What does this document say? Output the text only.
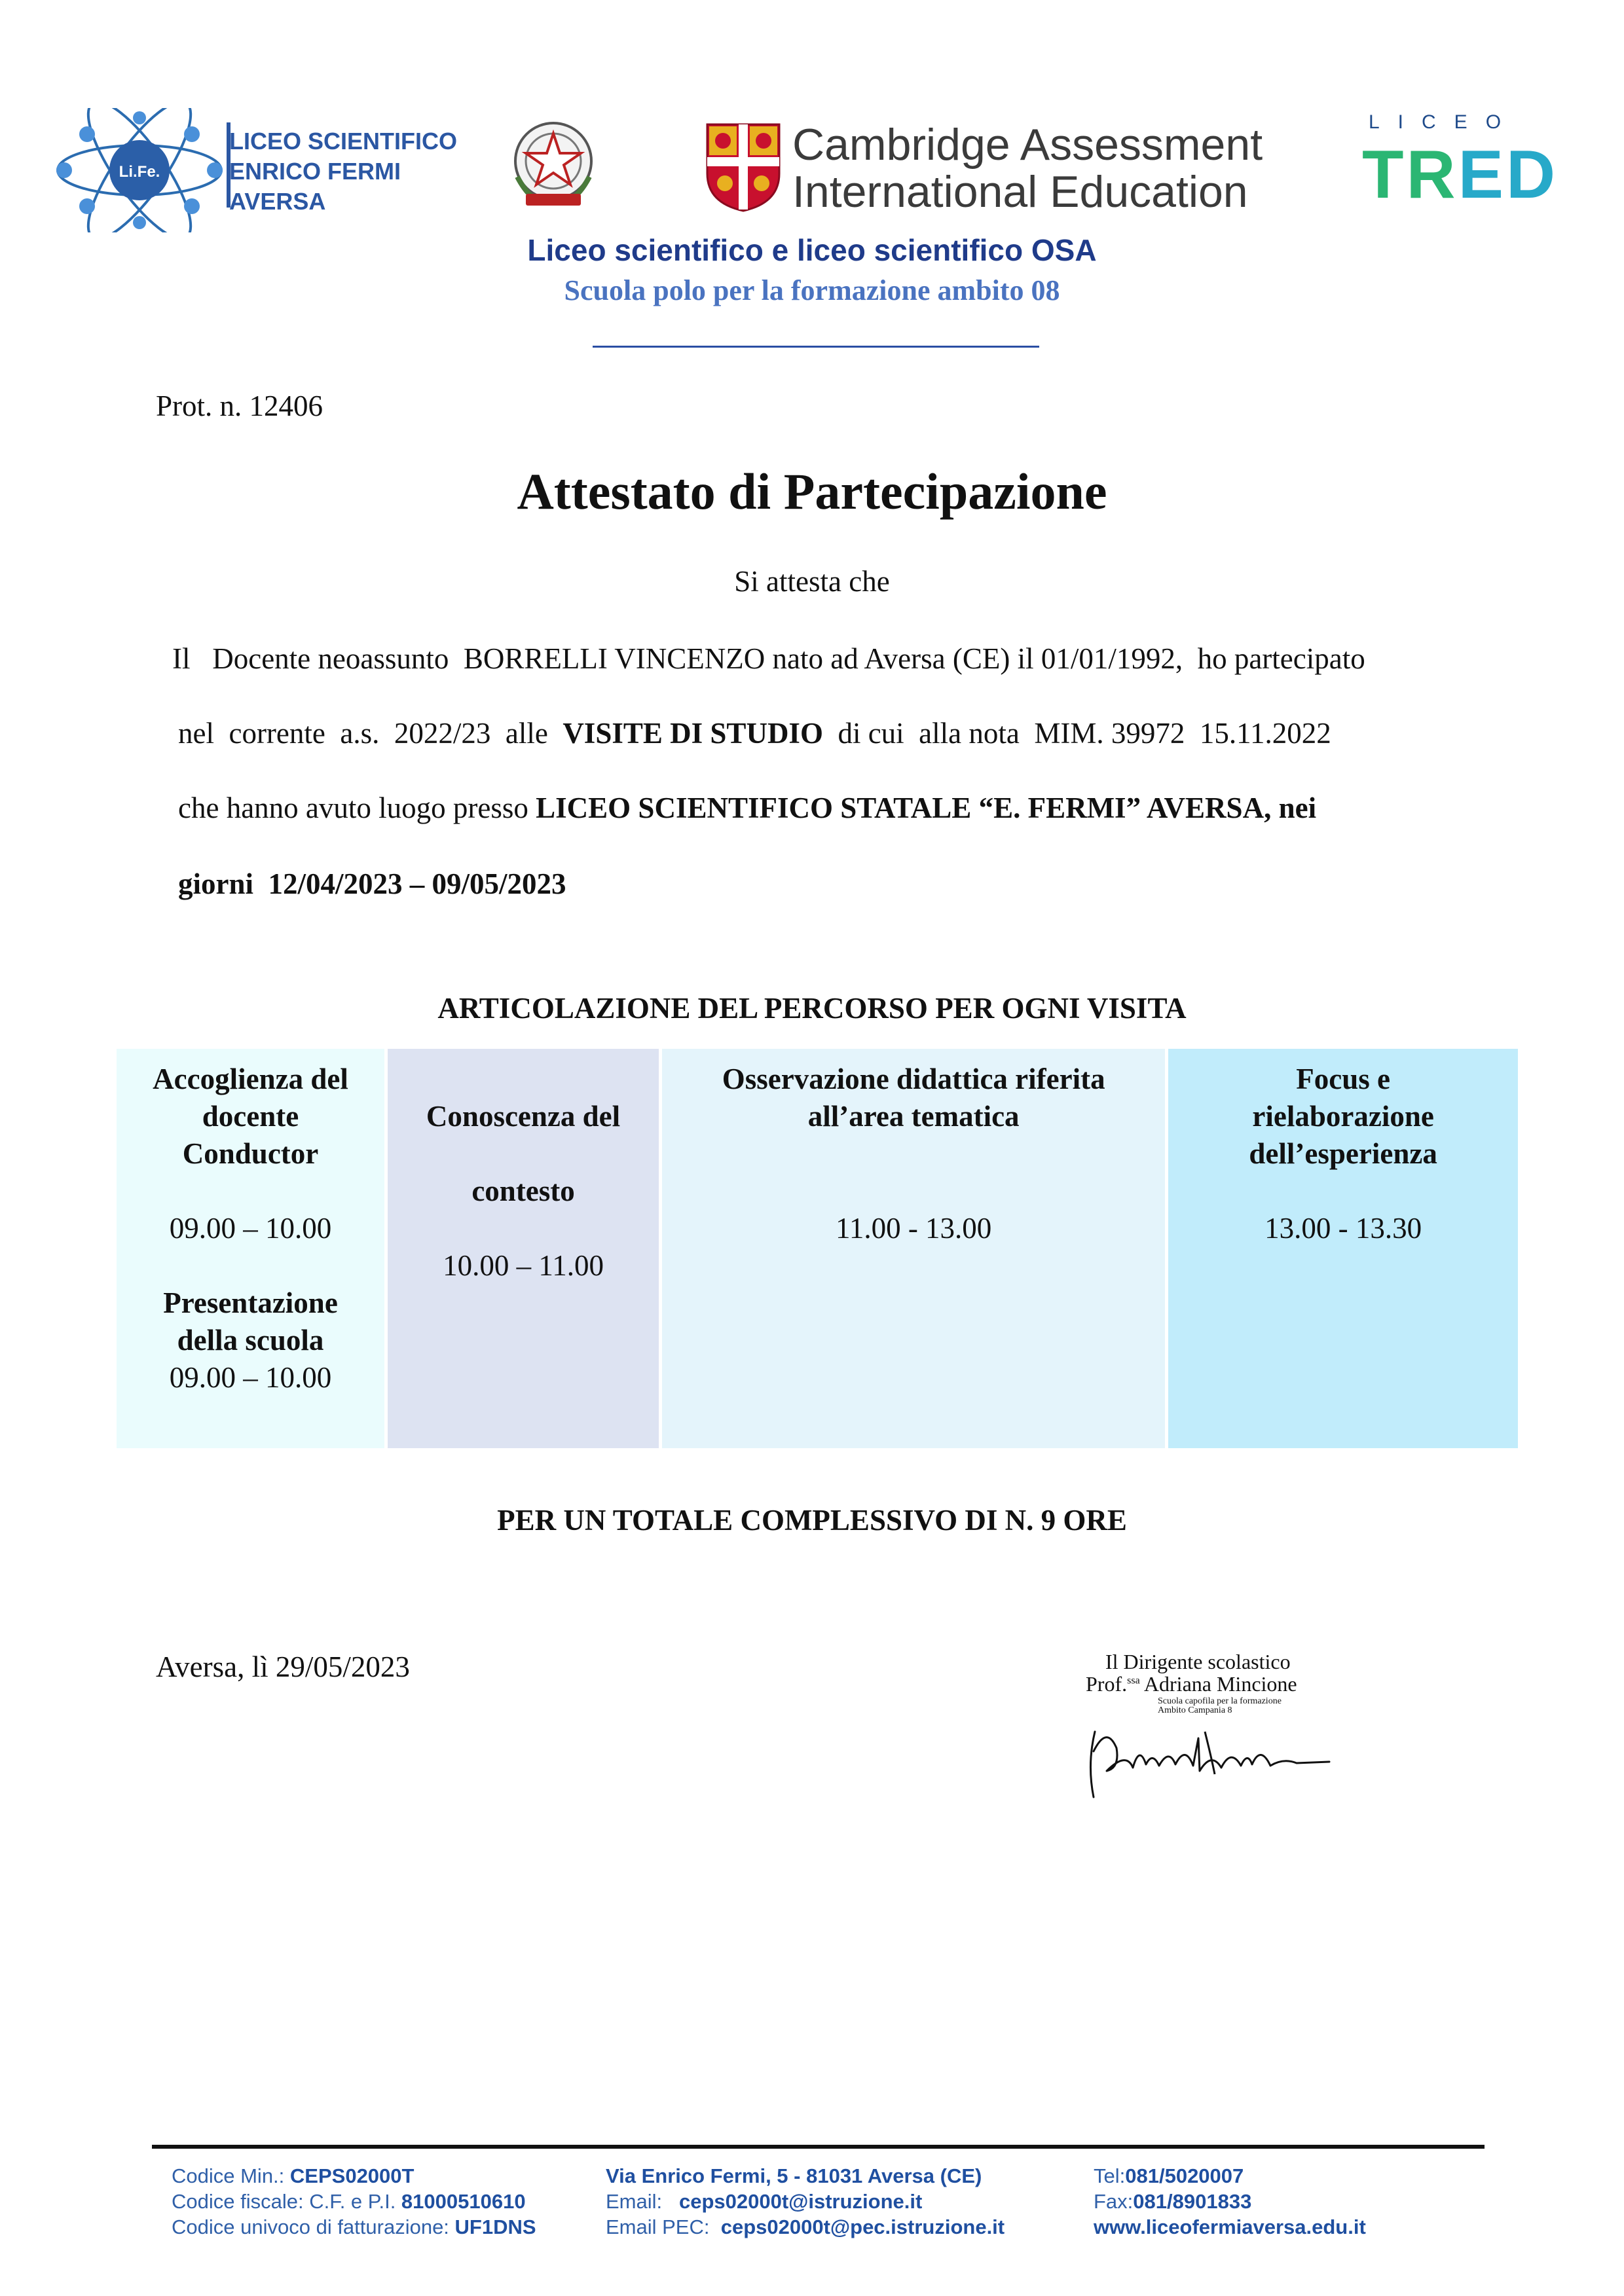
Li.Fe.
LICEO SCIENTIFICO
ENRICO FERMI
AVERSA
Cambridge Assessment
International Education
LICEO
TRED
Liceo scientifico e liceo scientifico OSA
Scuola polo per la formazione ambito 08
Prot. n. 12406
Attestato di Partecipazione
Si attesta che
Il   Docente neoassunto  BORRELLI VINCENZO nato ad Aversa (CE) il 01/01/1992,  ho partecipato
nel  corrente  a.s.  2022/23  alle  VISITE DI STUDIO  di cui  alla nota  MIM. 39972  15.11.2022
che hanno avuto luogo presso LICEO SCIENTIFICO STATALE “E. FERMI” AVERSA, nei
giorni  12/04/2023 – 09/05/2023
ARTICOLAZIONE DEL PERCORSO PER OGNI VISITA
Accoglienza del
docente
Conductor
09.00 – 10.00
Presentazione
della scuola
09.00 – 10.00
Conoscenza del
contesto
10.00 – 11.00
Osservazione didattica riferita
all’area tematica
11.00 - 13.00
Focus e
rielaborazione
dell’esperienza
13.00 - 13.30
PER UN TOTALE COMPLESSIVO DI N. 9 ORE
Aversa, lì 29/05/2023	Il Dirigente scolastico
Prof.$^{ssa}$ Adriana Mincione
Scuola capofila per la formazione
Ambito Campania 8
Codice Min.: CEPS02000T
Codice fiscale: C.F. e P.I. 81000510610
Codice univoco di fatturazione: UF1DNS
Via Enrico Fermi, 5 - 81031 Aversa (CE)
Email:   ceps02000t@istruzione.it
Email PEC:  ceps02000t@pec.istruzione.it
Tel:081/5020007
Fax:081/8901833
www.liceofermiaversa.edu.it
